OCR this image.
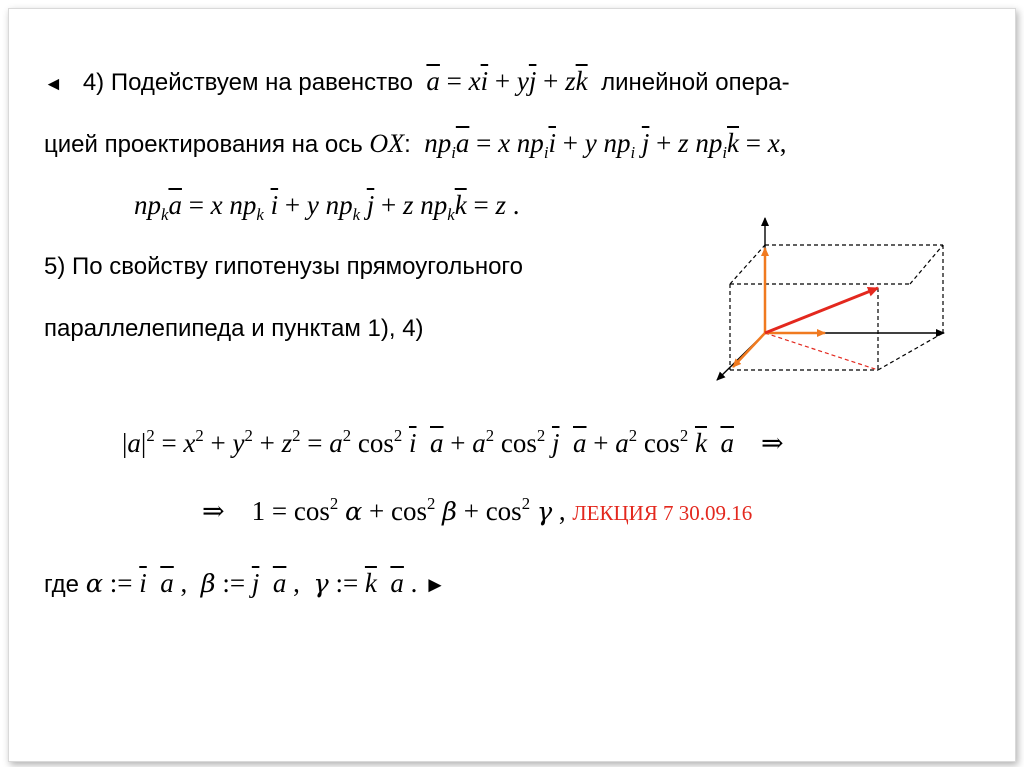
◄ 4) Подействуем на равенство $\overline{a} = x\overline{i} + y\overline{j} + z\overline{k}$ линейной опера-
цией проектирования на ось OX: $np_i\overline{a} = x$ $np_i\overline{i} + y$ $np_i$ $\overline{j} + z$ $np_i\overline{k} = x$,
$np_k\overline{a} = x$ $np_k$ $\overline{i} + y$ $np_k$ $\overline{j} + z$ $np_k\overline{k} = z$ .
5) По свойству гипотенузы прямоугольного
параллелепипеда и пунктам 1), 4)
$|a|^2 = x^2 + y^2 + z^2 = a^2$ $\cos^2 \overline{i}$ $\overline{a} + a^2$ $\cos^2 \overline{j}$ $\overline{a} + a^2$ $\cos^2 \overline{k}$ $\overline{a}$    ⇒
⇒    $1 = \cos^2 \alpha + \cos^2 \beta + \cos^2 \gamma$ , ЛЕКЦИЯ 7 30.09.16
где α := $\overline{i}$ $\overline{a}$ ,  β := $\overline{j}$ $\overline{a}$ ,  γ := $\overline{k}$ $\overline{a}$ . ►
